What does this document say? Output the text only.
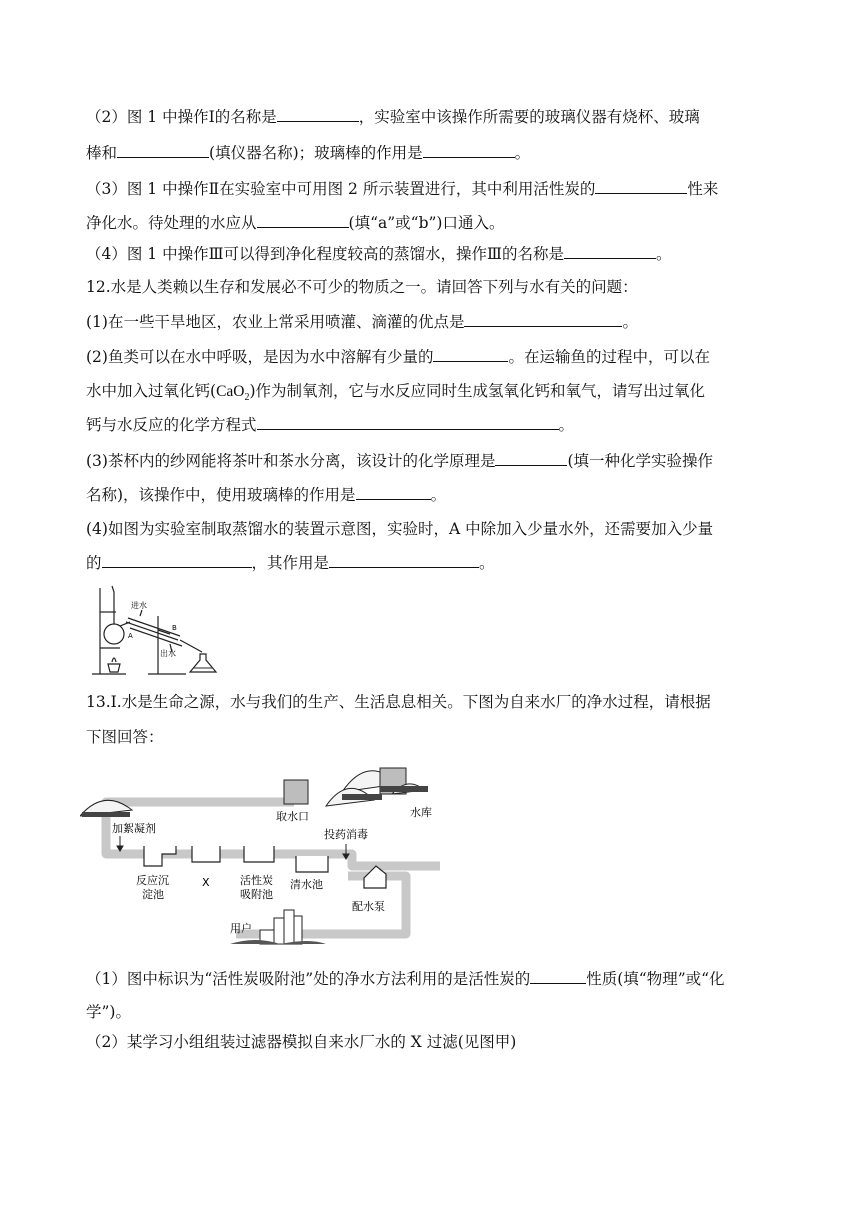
（2）图 1 中操作Ⅰ的名称是	，实验室中该操作所需要的玻璃仪器有烧杯、玻璃
棒和	(填仪器名称)；玻璃棒的作用是	。
（3）图 1 中操作Ⅱ在实验室中可用图 2 所示装置进行，其中利用活性炭的	性来
净化水。待处理的水应从	(填“a”或“b”)口通入。
（4）图 1 中操作Ⅲ可以得到净化程度较高的蒸馏水，操作Ⅲ的名称是	。
12.水是人类赖以生存和发展必不可少的物质之一。请回答下列与水有关的问题：
(1)在一些干旱地区，农业上常采用喷灌、滴灌的优点是	。
(2)鱼类可以在水中呼吸，是因为水中溶解有少量的	。在运输鱼的过程中，可以在
水中加入过氧化钙(CaO$_2$)作为制氧剂，它与水反应同时生成氢氧化钙和氧气，请写出过氧化
钙与水反应的化学方程式	。
(3)茶杯内的纱网能将茶叶和茶水分离，该设计的化学原理是	(填一种化学实验操作
名称)，该操作中，使用玻璃棒的作用是	。
(4)如图为实验室制取蒸馏水的装置示意图，实验时，A 中除加入少量水外，还需要加入少量
的	，其作用是	。
进水
出水
A
B
13.Ⅰ.水是生命之源，水与我们的生产、生活息息相关。下图为自来水厂的净水过程，请根据
下图回答：
取水口	水库
加絮凝剂	投药消毒
反应沉
淀池
X	活性炭
吸附池
清水池
配水泵
用户
（1）图中标识为“活性炭吸附池”处的净水方法利用的是活性炭的	性质(填“物理”或“化
学”)。
（2）某学习小组组装过滤器模拟自来水厂水的 X 过滤(见图甲)
